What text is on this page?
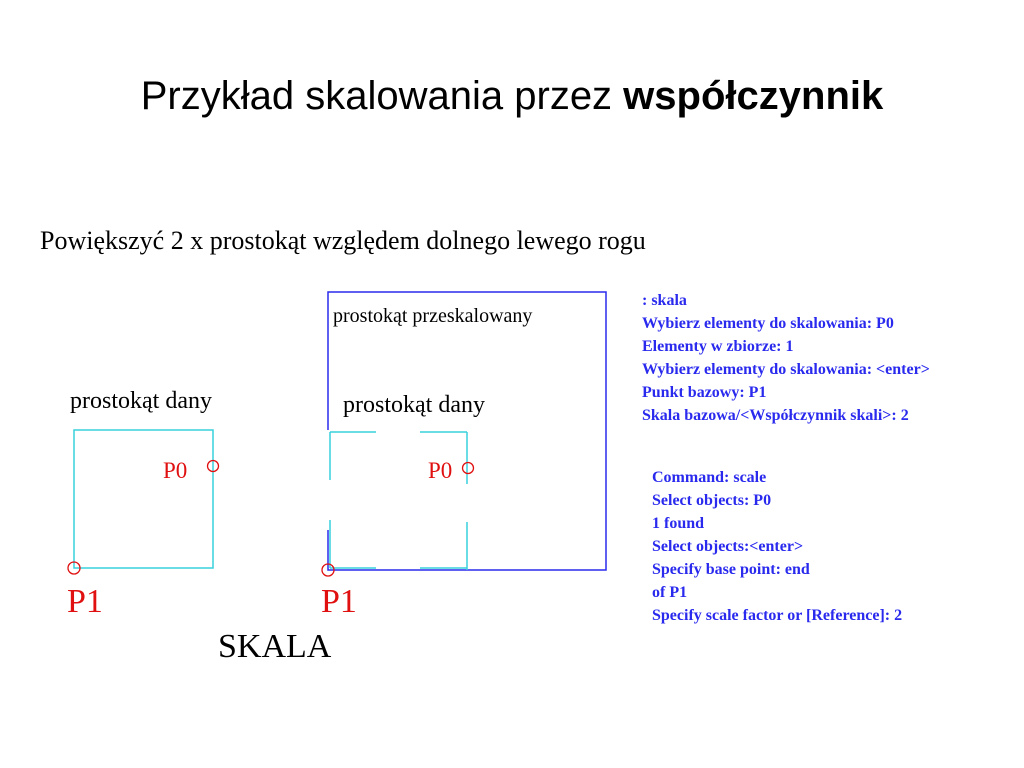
Przykład skalowania przez współczynnik

Powiększyć 2 x prostokąt względem dolnego lewego rogu

prostokąt dany
P0
P1
prostokąt przeskalowany
prostokąt dany
P0
P1
SKALA
: skala
Wybierz elementy do skalowania: P0
Elementy w zbiorze: 1
Wybierz elementy do skalowania: <enter>
Punkt bazowy: P1
Skala bazowa/<Współczynnik skali>: 2
Command: scale
Select objects: P0
1 found
Select objects:<enter>
Specify base point: end
of P1
Specify scale factor or [Reference]: 2
